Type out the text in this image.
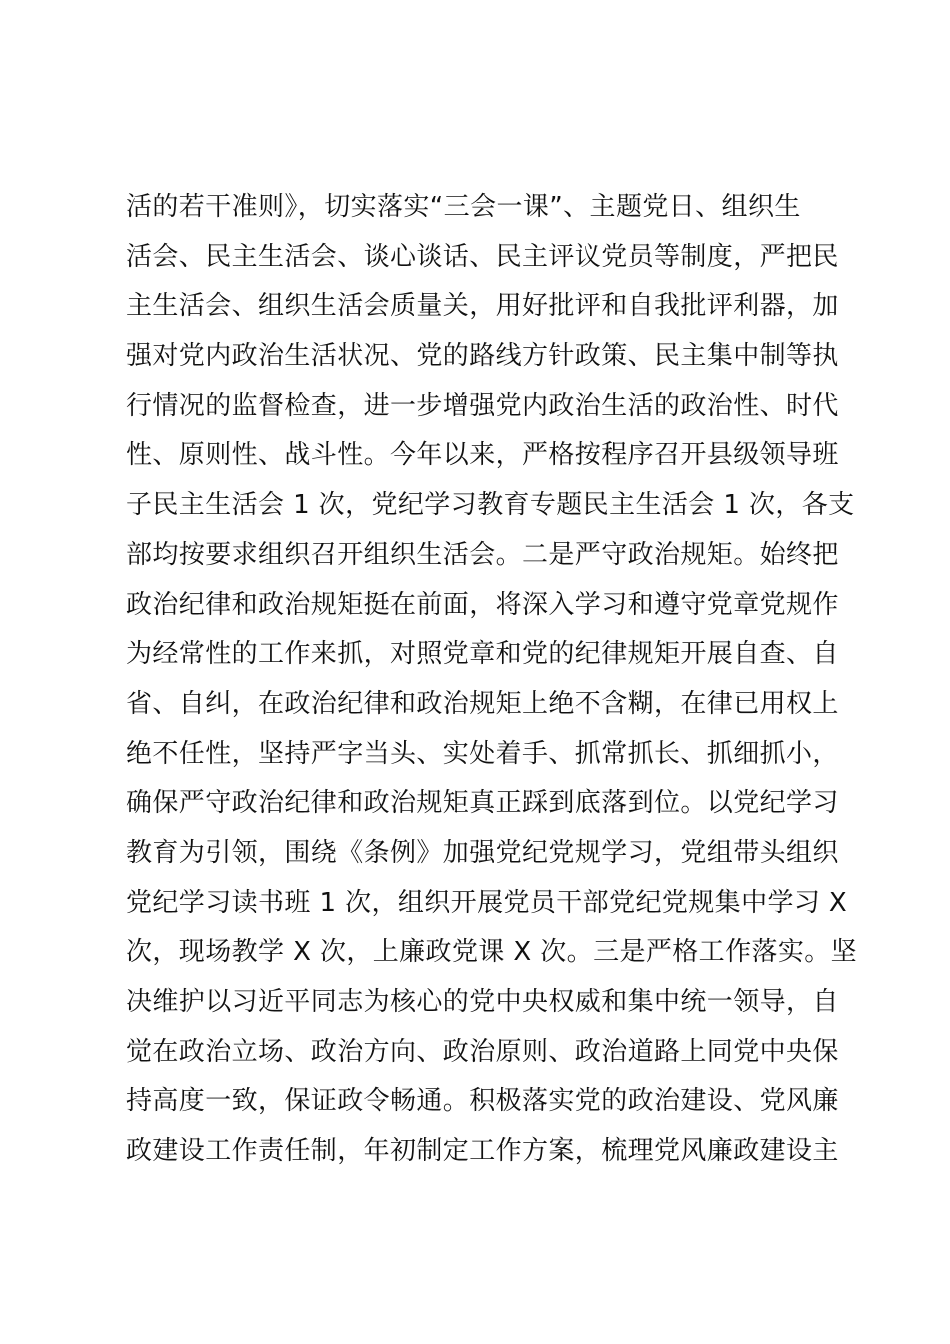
活的若干准则》，切实落实“三会一课”、主题党日、组织生
活会、民主生活会、谈心谈话、民主评议党员等制度，严把民
主生活会、组织生活会质量关，用好批评和自我批评利器，加
强对党内政治生活状况、党的路线方针政策、民主集中制等执
行情况的监督检查，进一步增强党内政治生活的政治性、时代
性、原则性、战斗性。今年以来，严格按程序召开县级领导班
子民主生活会 1 次，党纪学习教育专题民主生活会 1 次，各支
部均按要求组织召开组织生活会。二是严守政治规矩。始终把
政治纪律和政治规矩挺在前面，将深入学习和遵守党章党规作
为经常性的工作来抓，对照党章和党的纪律规矩开展自查、自
省、自纠，在政治纪律和政治规矩上绝不含糊，在律已用权上
绝不任性，坚持严字当头、实处着手、抓常抓长、抓细抓小，
确保严守政治纪律和政治规矩真正踩到底落到位。以党纪学习
教育为引领，围绕《条例》加强党纪党规学习，党组带头组织
党纪学习读书班 1 次，组织开展党员干部党纪党规集中学习 X
次，现场教学 X 次，上廉政党课 X 次。三是严格工作落实。坚
决维护以习近平同志为核心的党中央权威和集中统一领导，自
觉在政治立场、政治方向、政治原则、政治道路上同党中央保
持高度一致，保证政令畅通。积极落实党的政治建设、党风廉
政建设工作责任制，年初制定工作方案，梳理党风廉政建设主
